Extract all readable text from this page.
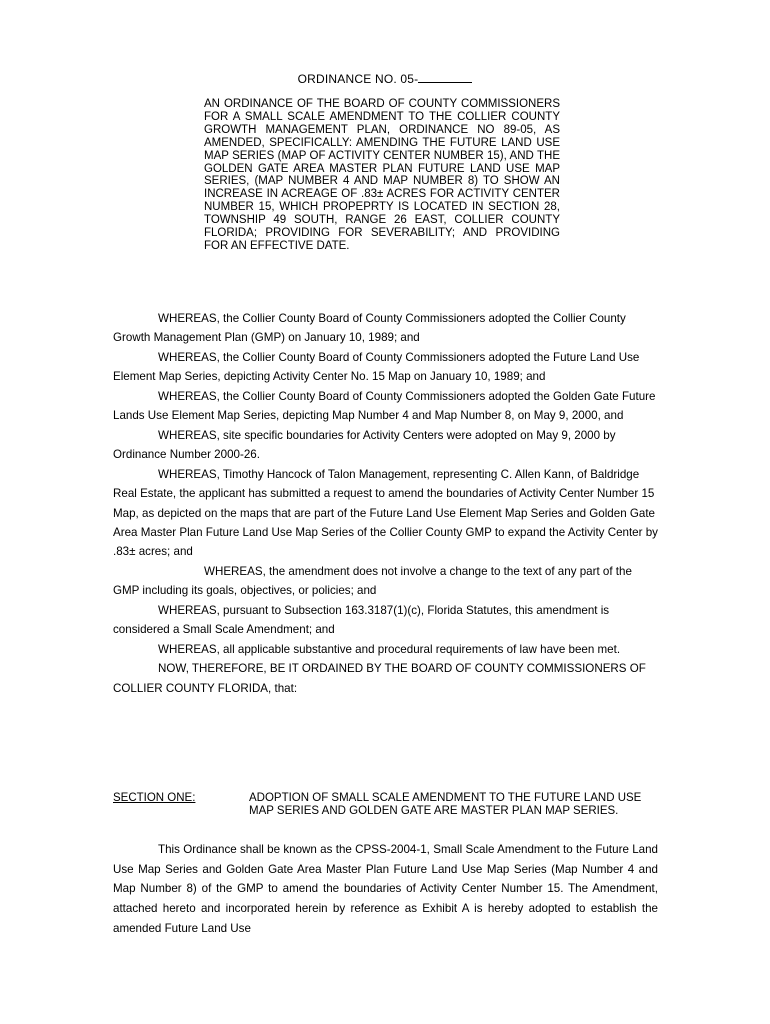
ORDINANCE NO. 05-

AN ORDINANCE OF THE BOARD OF COUNTY COMMISSIONERS FOR A SMALL SCALE AMENDMENT TO THE COLLIER COUNTY GROWTH MANAGEMENT PLAN, ORDINANCE NO 89-05, AS AMENDED, SPECIFICALLY: AMENDING THE FUTURE LAND USE MAP SERIES (MAP OF ACTIVITY CENTER NUMBER 15), AND THE GOLDEN GATE AREA MASTER PLAN FUTURE LAND USE MAP SERIES, (MAP NUMBER 4 AND MAP NUMBER 8) TO SHOW AN INCREASE IN ACREAGE OF .83± ACRES FOR ACTIVITY CENTER NUMBER 15, WHICH PROPEPRTY IS LOCATED IN SECTION 28, TOWNSHIP 49 SOUTH, RANGE 26 EAST, COLLIER COUNTY FLORIDA; PROVIDING FOR SEVERABILITY; AND PROVIDING FOR AN EFFECTIVE DATE.

WHEREAS, the Collier County Board of County Commissioners adopted the Collier County Growth Management Plan (GMP) on January 10, 1989; and

WHEREAS, the Collier County Board of County Commissioners adopted the Future Land Use Element Map Series, depicting Activity Center No. 15 Map on January 10, 1989; and

WHEREAS, the Collier County Board of County Commissioners adopted the Golden Gate Future Lands Use Element Map Series, depicting Map Number 4 and Map Number 8, on May 9, 2000, and

WHEREAS, site specific boundaries for Activity Centers were adopted on May 9, 2000 by Ordinance Number 2000-26.

WHEREAS, Timothy Hancock of Talon Management, representing C. Allen Kann, of Baldridge Real Estate, the applicant has submitted a request to amend the boundaries of Activity Center Number 15 Map, as depicted on the maps that are part of the Future Land Use Element Map Series and Golden Gate Area Master Plan Future Land Use Map Series of the Collier County GMP to expand the Activity Center by .83± acres; and

WHEREAS, the amendment does not involve a change to the text of any part of the GMP including its goals, objectives, or policies; and

WHEREAS, pursuant to Subsection 163.3187(1)(c), Florida Statutes, this amendment is considered a Small Scale Amendment; and

WHEREAS, all applicable substantive and procedural requirements of law have been met.

NOW, THEREFORE, BE IT ORDAINED BY THE BOARD OF COUNTY COMMISSIONERS OF COLLIER COUNTY FLORIDA, that:

SECTION ONE:	ADOPTION OF SMALL SCALE AMENDMENT TO THE FUTURE LAND USE MAP SERIES AND GOLDEN GATE ARE MASTER PLAN MAP SERIES.

This Ordinance shall be known as the CPSS-2004-1, Small Scale Amendment to the Future Land Use Map Series and Golden Gate Area Master Plan Future Land Use Map Series (Map Number 4 and Map Number 8) of the GMP to amend the boundaries of Activity Center Number 15. The Amendment, attached hereto and incorporated herein by reference as Exhibit A is hereby adopted to establish the amended Future Land Use
